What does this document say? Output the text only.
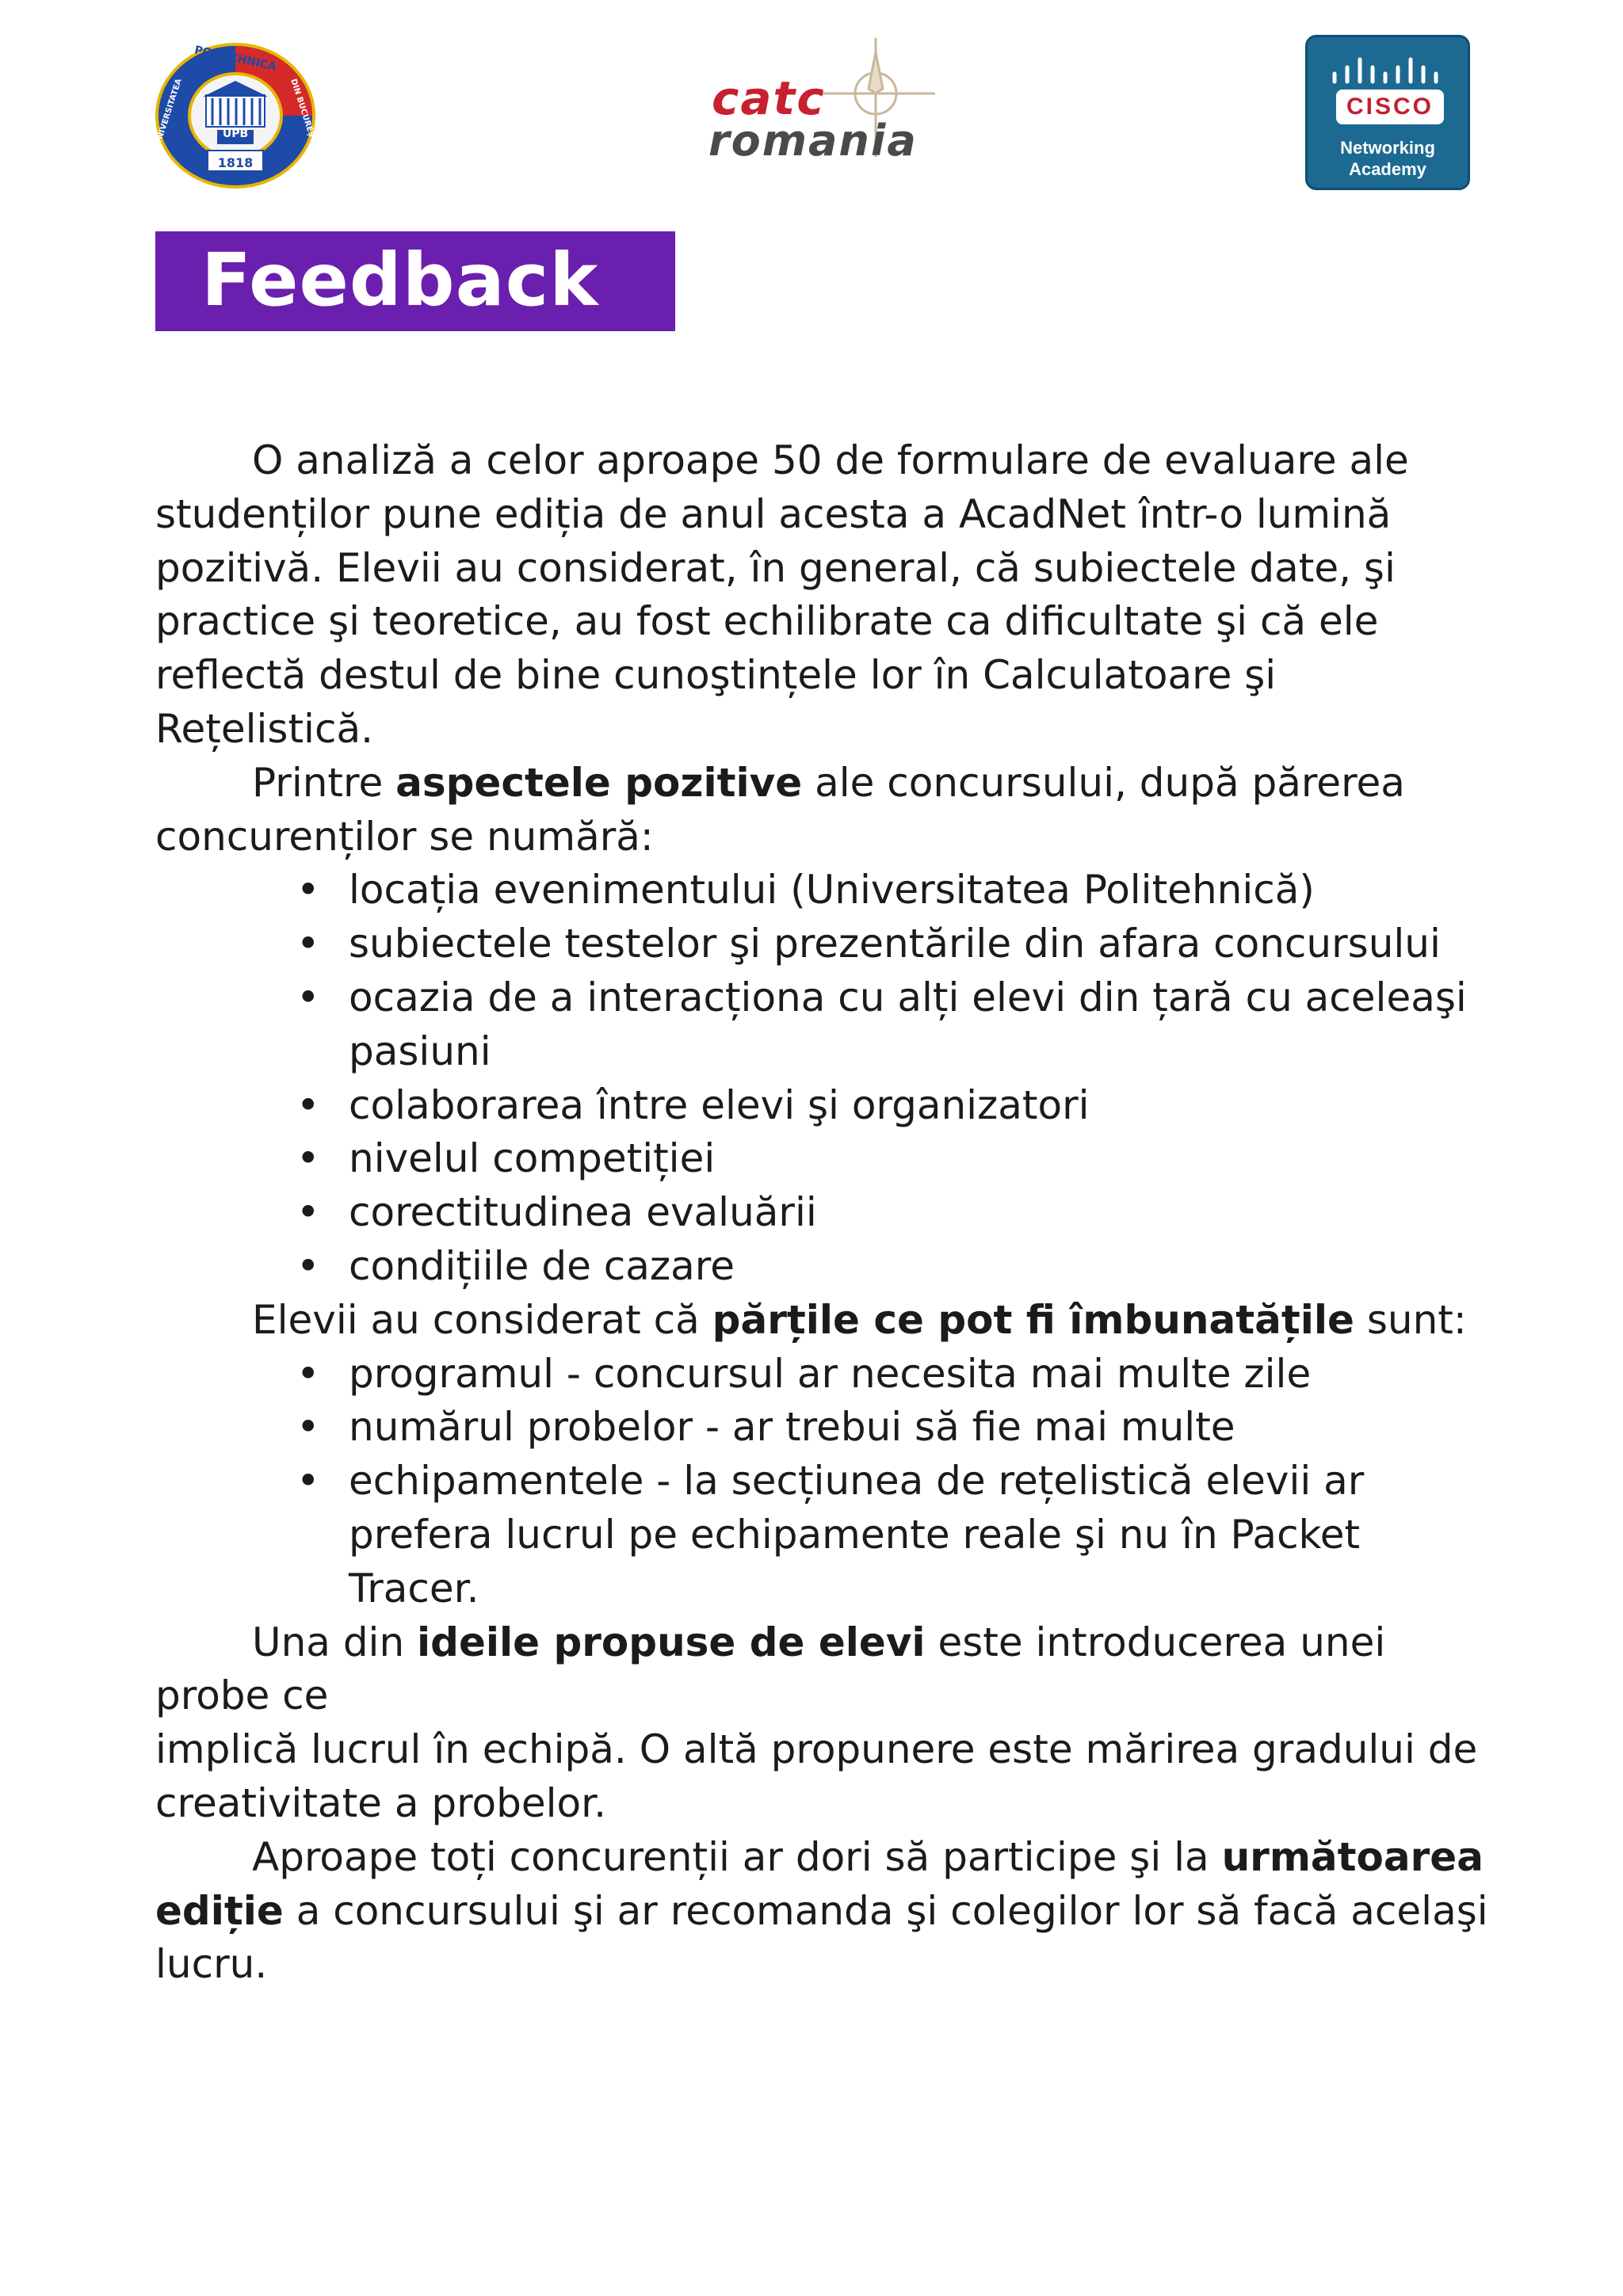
UPB
1818
POLITEHNICA
UNIVERSITATEA	DIN BUCUREȘTI	catc
romania
CISCO
Networking
Academy
Feedback

O analiză a celor aproape 50 de formulare de evaluare ale studenților pune ediția de anul acesta a AcadNet într-o lumină pozitivă. Elevii au considerat, în general, că subiectele date, şi practice şi teoretice, au fost echilibrate ca dificultate şi că ele reflectă destul de bine cunoştințele lor în Calculatoare şi Rețelistică.

Printre aspectele pozitive ale concursului, după părerea concurenților se numără:

• locația evenimentului (Universitatea Politehnică)
• subiectele testelor şi prezentările din afara concursului
• ocazia de a interacționa cu alți elevi din țară cu aceleaşi pasiuni
• colaborarea între elevi şi organizatori
• nivelul competiției
• corectitudinea evaluării
• condițiile de cazare

Elevii au considerat că părțile ce pot fi îmbunatățile sunt:

• programul - concursul ar necesita mai multe zile
• numărul probelor - ar trebui să fie mai multe
• echipamentele - la secțiunea de rețelistică elevii ar prefera lucrul pe echipamente reale şi nu în Packet Tracer.

Una din ideile propuse de elevi este introducerea unei probe ce

implică lucrul în echipă. O altă propunere este mărirea gradului de

creativitate a probelor.

Aproape toți concurenții ar dori să participe şi la următoarea ediție a concursului şi ar recomanda şi colegilor lor să facă acelaşi lucru.
